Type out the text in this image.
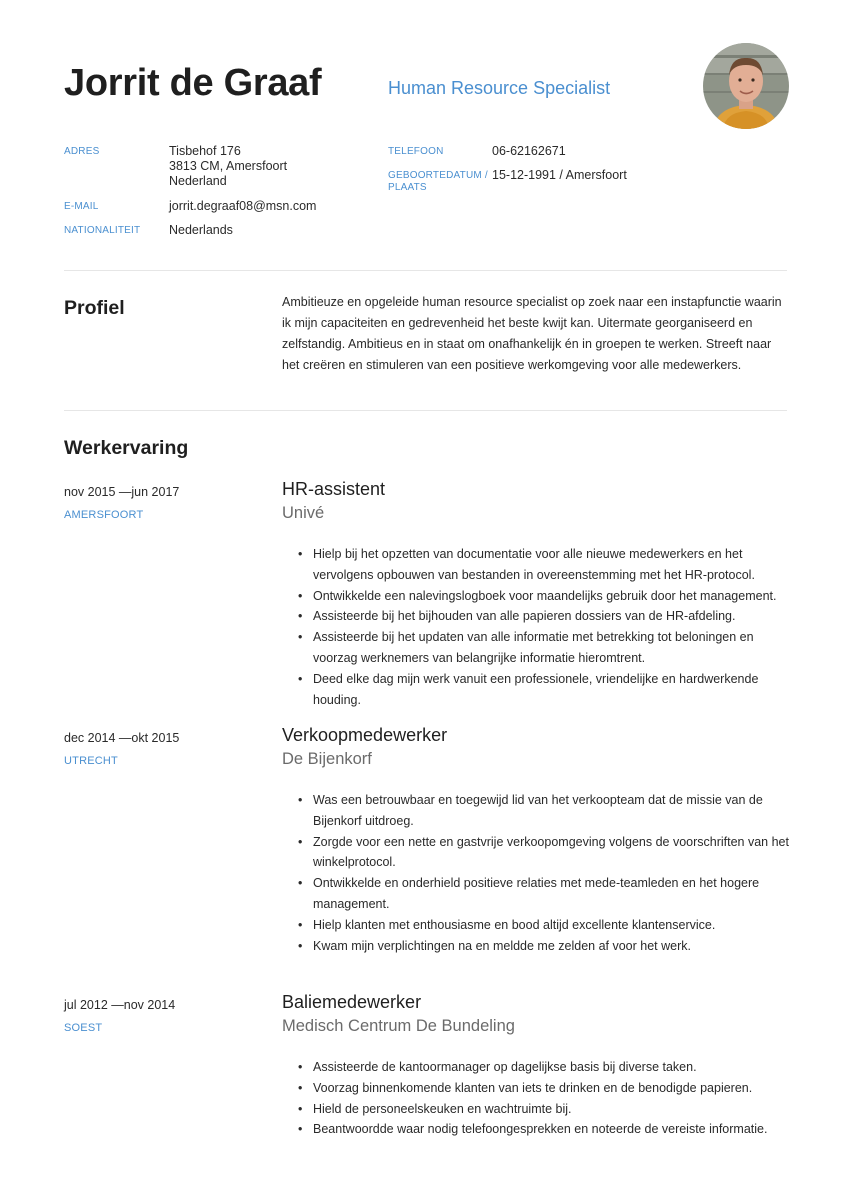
Jorrit de Graaf	Human Resource Specialist
ADRES	Tisbehof 176
3813 CM, Amersfoort
Nederland
E-MAIL	jorrit.degraaf08@msn.com
NATIONALITEIT Nederlands
TELEFOON	06-62162671
GEBOORTEDATUM /
PLAATS
15-12-1991 / Amersfoort
Profiel	Ambitieuze en opgeleide human resource specialist op zoek naar een instapfunctie waarin ik mijn capaciteiten en gedrevenheid het beste kwijt kan. Uitermate georganiseerd en zelfstandig. Ambitieus en in staat om onafhankelijk én in groepen te werken. Streeft naar het creëren en stimuleren van een positieve werkomgeving voor alle medewerkers.

Werkervaring
nov 2015 —jun 2017
AMERSFOORT
HR-assistent
Univé
• Hielp bij het opzetten van documentatie voor alle nieuwe medewerkers en het vervolgens opbouwen van bestanden in overeenstemming met het HR-protocol.
• Ontwikkelde een nalevingslogboek voor maandelijks gebruik door het management.
• Assisteerde bij het bijhouden van alle papieren dossiers van de HR-afdeling.
• Assisteerde bij het updaten van alle informatie met betrekking tot beloningen en voorzag werknemers van belangrijke informatie hieromtrent.
• Deed elke dag mijn werk vanuit een professionele, vriendelijke en hardwerkende houding.
dec 2014 —okt 2015
UTRECHT
Verkoopmedewerker
De Bijenkorf
• Was een betrouwbaar en toegewijd lid van het verkoopteam dat de missie van de Bijenkorf uitdroeg.
• Zorgde voor een nette en gastvrije verkoopomgeving volgens de voorschriften van het winkelprotocol.
• Ontwikkelde en onderhield positieve relaties met mede-teamleden en het hogere management.
• Hielp klanten met enthousiasme en bood altijd excellente klantenservice.
• Kwam mijn verplichtingen na en meldde me zelden af voor het werk.
jul 2012 —nov 2014
SOEST
Baliemedewerker
Medisch Centrum De Bundeling
• Assisteerde de kantoormanager op dagelijkse basis bij diverse taken.
• Voorzag binnenkomende klanten van iets te drinken en de benodigde papieren.
• Hield de personeelskeuken en wachtruimte bij.
• Beantwoordde waar nodig telefoongesprekken en noteerde de vereiste informatie.
